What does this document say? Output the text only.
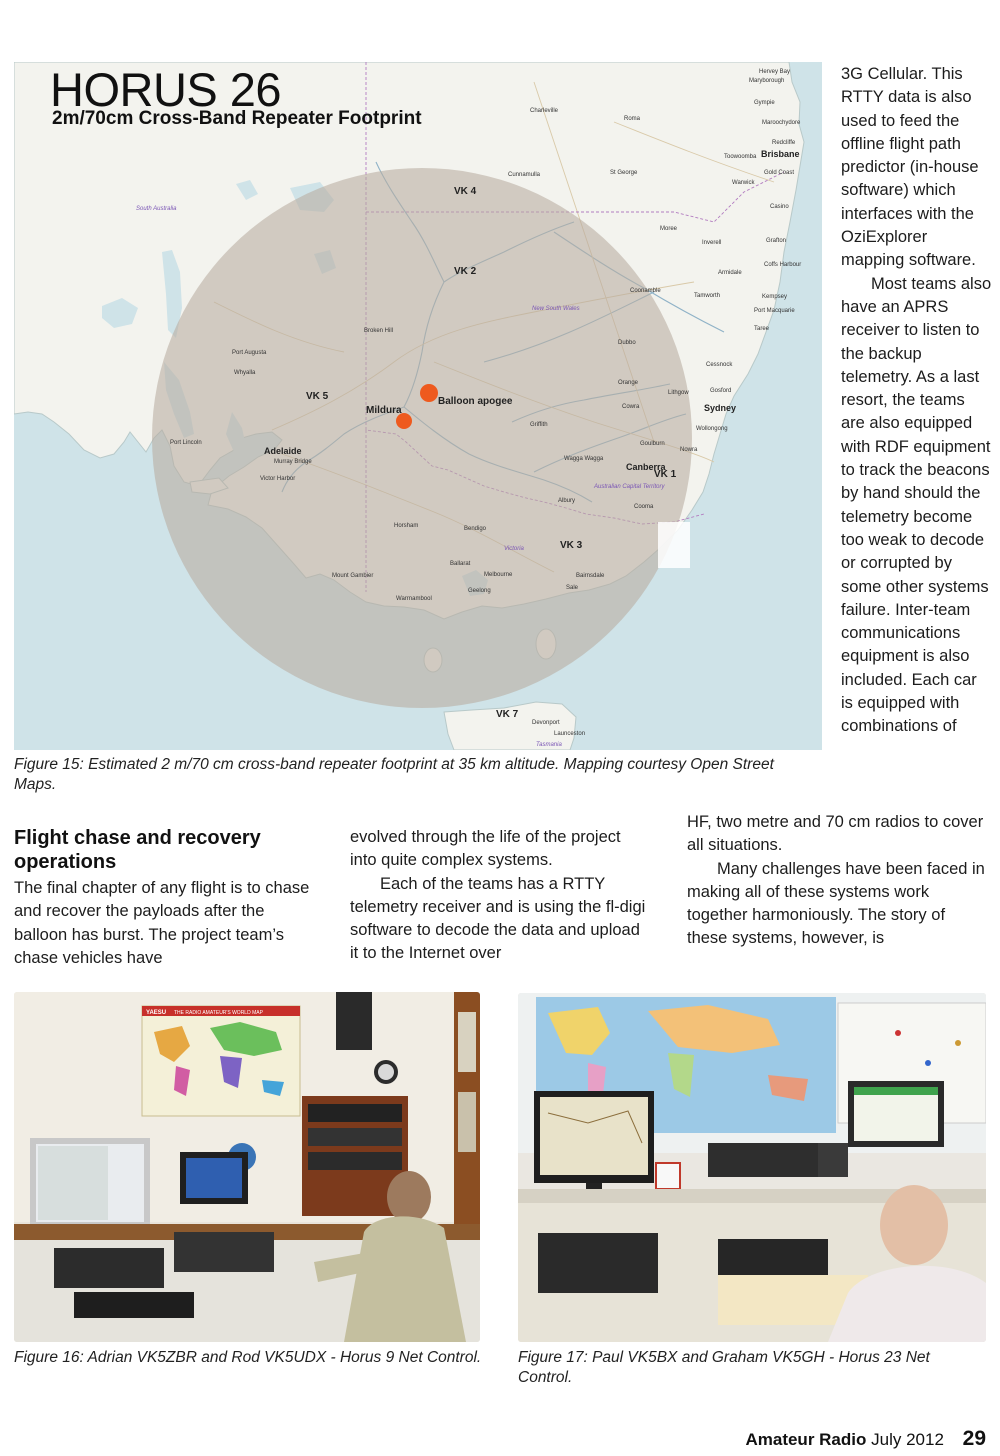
Balloon apogee
Mildura
VK 4
VK 2
VK 5
VK 1
VK 3
VK 7
South Australia
New South Wales
Victoria
Australian Capital Territory
Tasmania
Brisbane
Sydney
Canberra
Adelaide
Hervey Bay
Maryborough
Gympie
Maroochydore
Redcliffe
Toowoomba
Gold Coast
Warwick
Casino
Grafton
Coffs Harbour
Inverell
Armidale
Tamworth	Kempsey
Port Macquarie
Taree
Charleville
Roma
Cunnamulla	St George
Moree
Coonamble
Dubbo
Cessnock
Orange
Lithgow	Gosford
Cowra
Wollongong
Goulburn
Nowra
Griffith
Wagga Wagga
Cooma
Albury
Broken Hill
Port Augusta
Whyalla
Port Lincoln
Murray Bridge
Victor Harbor
Horsham	Bendigo
Ballarat
Melbourne
Geelong
Mount Gambier
Warrnambool
Bairnsdale
Sale
Devonport
Launceston
HORUS 26
2m/70cm Cross-Band Repeater Footprint
Figure 15: Estimated 2 m/70 cm cross-band repeater footprint at 35 km altitude. Mapping courtesy Open Street Maps.

3G Cellular. This RTTY data is also used to feed the offline flight path predictor (in-house software) which interfaces with the OziExplorer mapping software.

Most teams also have an APRS receiver to listen to the backup telemetry. As a last resort, the teams are also equipped with RDF equipment to track the beacons by hand should the telemetry become too weak to decode or corrupted by some other systems failure. Inter-team communications equipment is also included. Each car is equipped with combinations of

Flight chase and recovery operations

The final chapter of any flight is to chase and recover the payloads after the balloon has burst. The project team’s chase vehicles have

evolved through the life of the project into quite complex systems.

Each of the teams has a RTTY telemetry receiver and is using the fl-digi software to decode the data and upload it to the Internet over

HF, two metre and 70 cm radios to cover all situations.

Many challenges have been faced in making all of these systems work together harmoniously. The story of these systems, however, is

YAESU THE RADIO AMATEUR'S WORLD MAP
Figure 16: Adrian VK5ZBR and Rod VK5UDX - Horus 9 Net Control. Figure 17: Paul VK5BX and Graham VK5GH - Horus 23 Net Control.
Amateur Radio July 2012 29
